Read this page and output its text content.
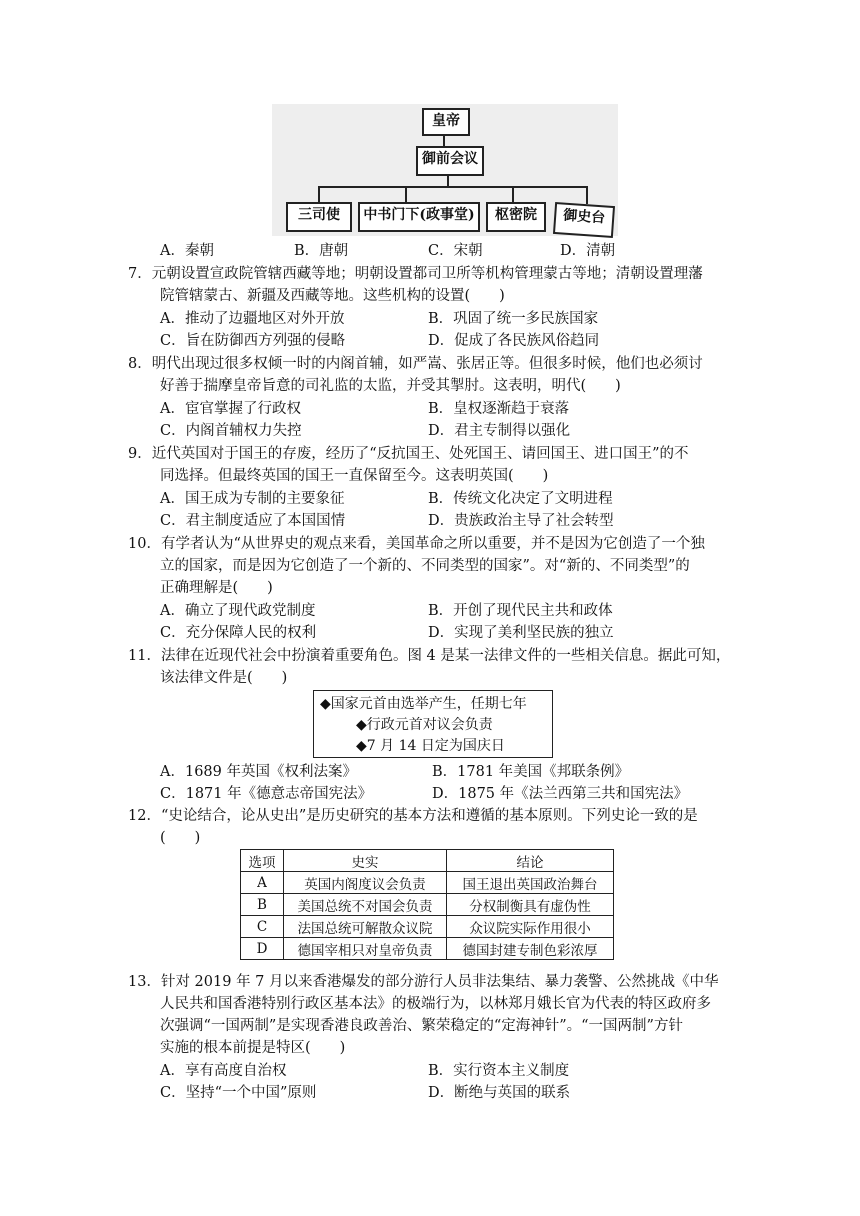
皇帝
御前会议
三司使	中书门下(政事堂)	枢密院	御史台
A．秦朝	B．唐朝	C．宋朝	D．清朝
7．元朝设置宣政院管辖西藏等地；明朝设置都司卫所等机构管理蒙古等地；清朝设置理藩
院管辖蒙古、新疆及西藏等地。这些机构的设置(　　)
A．推动了边疆地区对外开放	B．巩固了统一多民族国家
C．旨在防御西方列强的侵略	D．促成了各民族风俗趋同
8．明代出现过很多权倾一时的内阁首辅，如严嵩、张居正等。但很多时候，他们也必须讨
好善于揣摩皇帝旨意的司礼监的太监，并受其掣肘。这表明，明代(　　)
A．宦官掌握了行政权	B．皇权逐渐趋于衰落
C．内阁首辅权力失控	D．君主专制得以强化
9．近代英国对于国王的存废，经历了“反抗国王、处死国王、请回国王、进口国王”的不
同选择。但最终英国的国王一直保留至今。这表明英国(　　)
A．国王成为专制的主要象征	B．传统文化决定了文明进程
C．君主制度适应了本国国情	D．贵族政治主导了社会转型
10．有学者认为“从世界史的观点来看，美国革命之所以重要，并不是因为它创造了一个独
立的国家，而是因为它创造了一个新的、不同类型的国家”。对“新的、不同类型”的
正确理解是(　　)
A．确立了现代政党制度	B．开创了现代民主共和政体
C．充分保障人民的权利	D．实现了美利坚民族的独立
11．法律在近现代社会中扮演着重要角色。图 4 是某一法律文件的一些相关信息。据此可知，
该法律文件是(　　)
◆国家元首由选举产生，任期七年
◆行政元首对议会负责
◆7 月 14 日定为国庆日
A．1689 年英国《权利法案》	B．1781 年美国《邦联条例》
C．1871 年《德意志帝国宪法》	D．1875 年《法兰西第三共和国宪法》
12．“史论结合，论从史出”是历史研究的基本方法和遵循的基本原则。下列史论一致的是
(　　)
选项	史实	结论
A	英国内阁度议会负责	国王退出英国政治舞台
B	美国总统不对国会负责	分权制衡具有虚伪性
C	法国总统可解散众议院	众议院实际作用很小
D	德国宰相只对皇帝负责	德国封建专制色彩浓厚
13．针对 2019 年 7 月以来香港爆发的部分游行人员非法集结、暴力袭警、公然挑战《中华
人民共和国香港特别行政区基本法》的极端行为，以林郑月娥长官为代表的特区政府多
次强调“一国两制”是实现香港良政善治、繁荣稳定的“定海神针”。“一国两制”方针
实施的根本前提是特区(　　)
A．享有高度自治权	B．实行资本主义制度
C．坚持“一个中国”原则	D．断绝与英国的联系
